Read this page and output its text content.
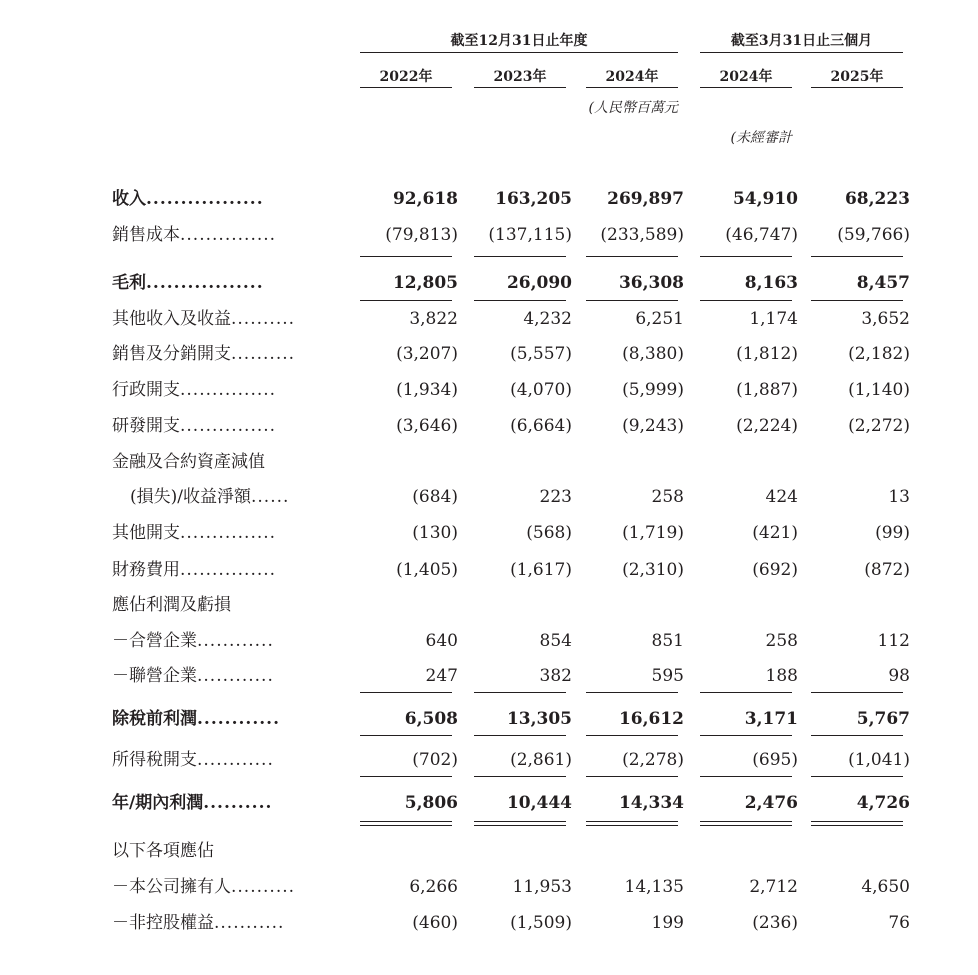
截至12月31日止年度	截至3月31日止三個月
2022年	2023年	2024年	2024年	2025年
(人民幣百萬元
(未經審計
收入.................	92,618	163,205	269,897	54,910	68,223
銷售成本...............	(79,813)	(137,115)	(233,589)	(46,747)	(59,766)
毛利.................	12,805	26,090	36,308	8,163	8,457
其他收入及收益..........	3,822	4,232	6,251	1,174	3,652
銷售及分銷開支..........	(3,207)	(5,557)	(8,380)	(1,812)	(2,182)
行政開支...............	(1,934)	(4,070)	(5,999)	(1,887)	(1,140)
研發開支...............	(3,646)	(6,664)	(9,243)	(2,224)	(2,272)
金融及合約資產減值
(損失)/收益淨額......	(684)	223	258	424	13
其他開支...............	(130)	(568)	(1,719)	(421)	(99)
財務費用...............	(1,405)	(1,617)	(2,310)	(692)	(872)
應佔利潤及虧損
－合營企業............	640	854	851	258	112
－聯營企業............	247	382	595	188	98
除稅前利潤............	6,508	13,305	16,612	3,171	5,767
所得稅開支............	(702)	(2,861)	(2,278)	(695)	(1,041)
年/期內利潤..........	5,806	10,444	14,334	2,476	4,726
以下各項應佔
－本公司擁有人..........	6,266	11,953	14,135	2,712	4,650
－非控股權益...........	(460)	(1,509)	199	(236)	76
